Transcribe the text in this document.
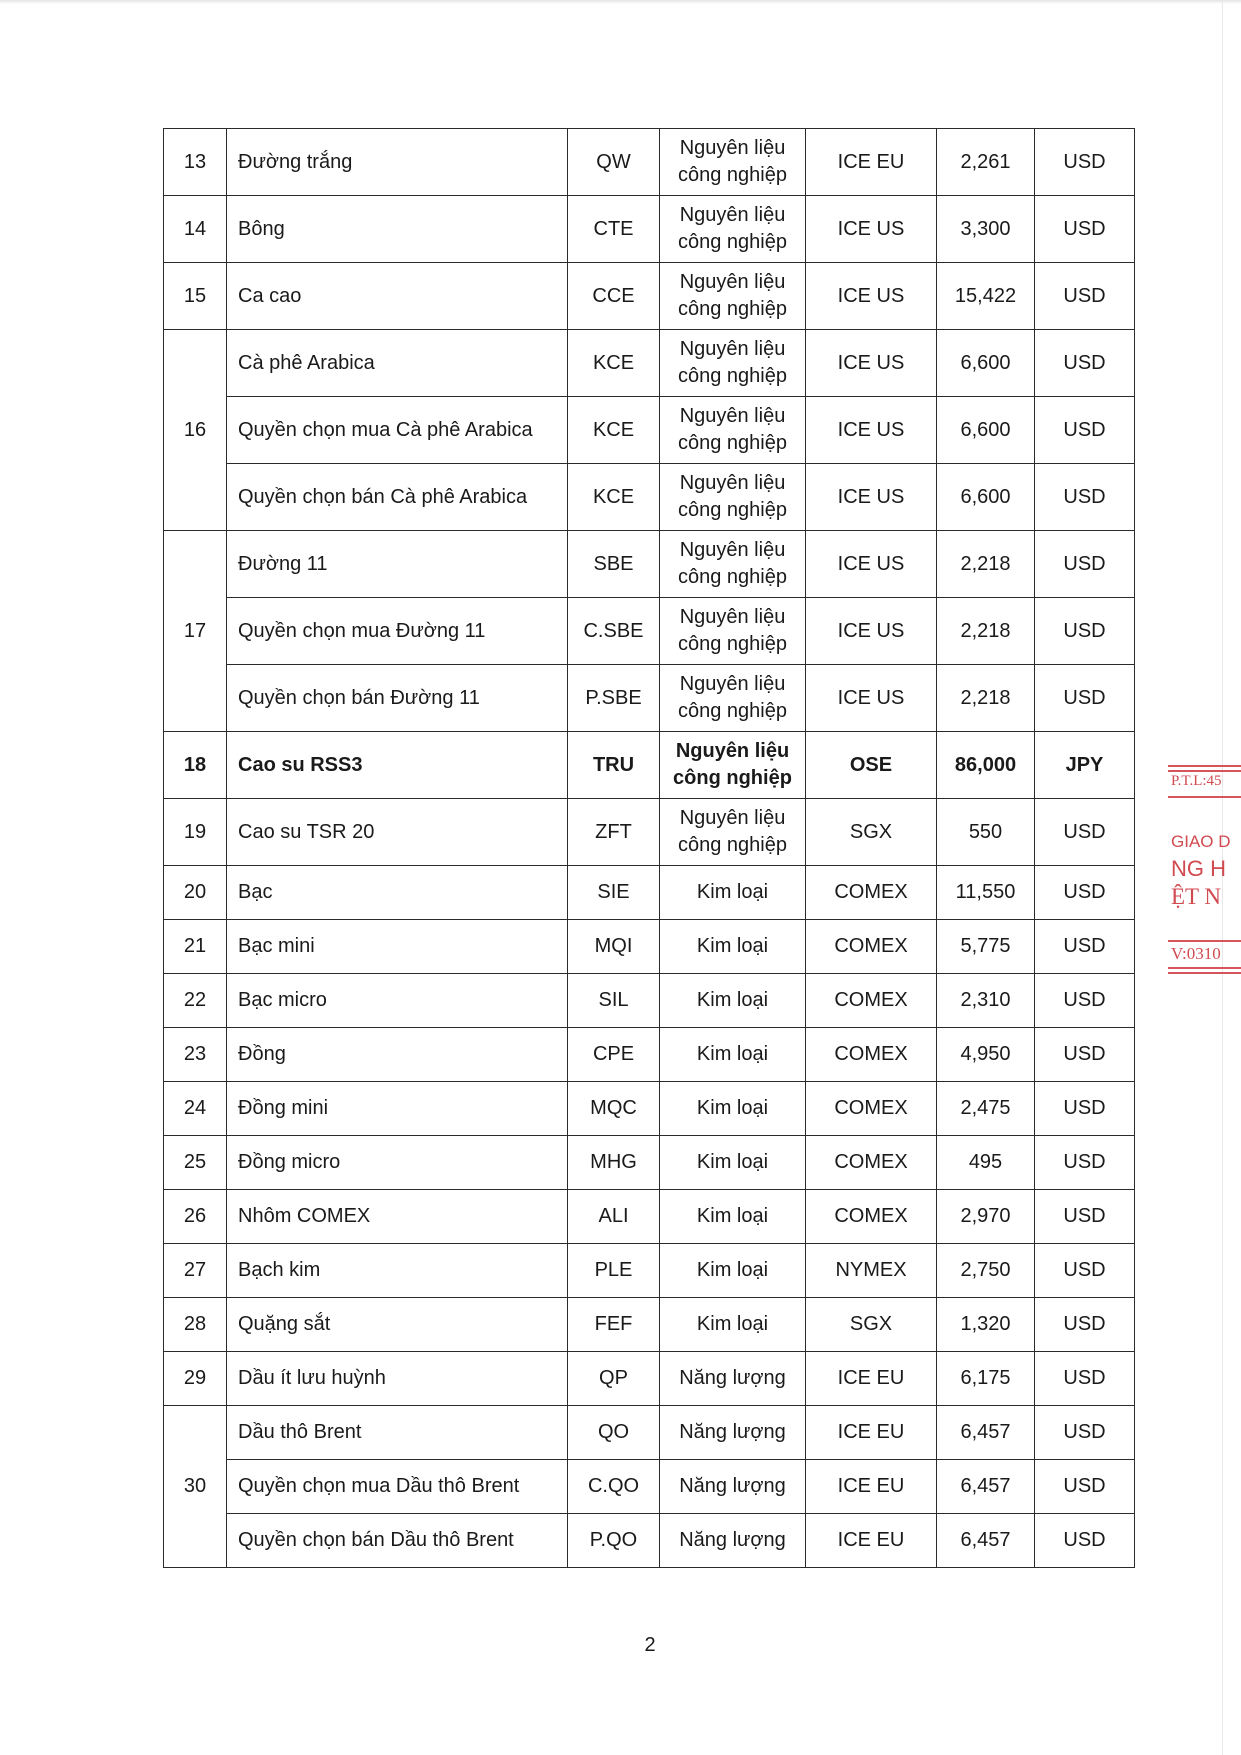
13	Đường trắng	QW	Nguyên liệu công nghiệp	ICE EU	2,261	USD
14	Bông	CTE	Nguyên liệu công nghiệp	ICE US	3,300	USD
15	Ca cao	CCE	Nguyên liệu công nghiệp	ICE US	15,422	USD
16	Cà phê Arabica	KCE	Nguyên liệu công nghiệp	ICE US	6,600	USD
	Quyền chọn mua Cà phê Arabica	KCE	Nguyên liệu công nghiệp	ICE US	6,600	USD
	Quyền chọn bán Cà phê Arabica	KCE	Nguyên liệu công nghiệp	ICE US	6,600	USD
17	Đường 11	SBE	Nguyên liệu công nghiệp	ICE US	2,218	USD
	Quyền chọn mua Đường 11	C.SBE	Nguyên liệu công nghiệp	ICE US	2,218	USD
	Quyền chọn bán Đường 11	P.SBE	Nguyên liệu công nghiệp	ICE US	2,218	USD
18	Cao su RSS3	TRU	Nguyên liệu công nghiệp	OSE	86,000	JPY
19	Cao su TSR 20	ZFT	Nguyên liệu công nghiệp	SGX	550	USD
20	Bạc	SIE	Kim loại	COMEX	11,550	USD
21	Bạc mini	MQI	Kim loại	COMEX	5,775	USD
22	Bạc micro	SIL	Kim loại	COMEX	2,310	USD
23	Đồng	CPE	Kim loại	COMEX	4,950	USD
24	Đồng mini	MQC	Kim loại	COMEX	2,475	USD
25	Đồng micro	MHG	Kim loại	COMEX	495	USD
26	Nhôm COMEX	ALI	Kim loại	COMEX	2,970	USD
27	Bạch kim	PLE	Kim loại	NYMEX	2,750	USD
28	Quặng sắt	FEF	Kim loại	SGX	1,320	USD
29	Dầu ít lưu huỳnh	QP	Năng lượng	ICE EU	6,175	USD
30	Dầu thô Brent	QO	Năng lượng	ICE EU	6,457	USD
	Quyền chọn mua Dầu thô Brent	C.QO	Năng lượng	ICE EU	6,457	USD
	Quyền chọn bán Dầu thô Brent	P.QO	Năng lượng	ICE EU	6,457	USD
2
P.T.L:45
GIAO D
NG H
ỆT N
V:0310
